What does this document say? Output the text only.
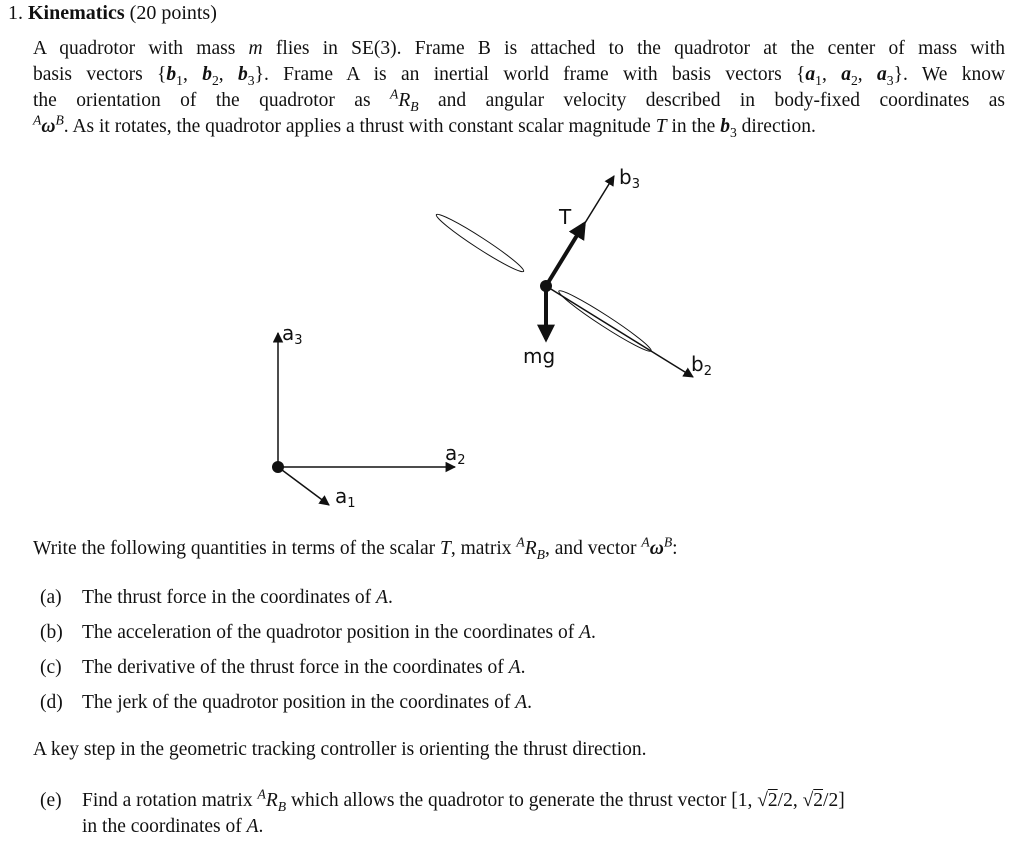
1. Kinematics (20 points)
A quadrotor with mass m flies in SE(3). Frame B is attached to the quadrotor at the center of mass with
basis vectors {$b_1$, $b_2$, $b_3$}. Frame A is an inertial world frame with basis vectors {$a_1$, $a_2$, $a_3$}. We know
the orientation of the quadrotor as $^AR_B$ and angular velocity described in body-fixed coordinates as
$^A\omega^B$. As it rotates, the quadrotor applies a thrust with constant scalar magnitude T in the $b_3$ direction.
$b_3$
T
mg	$b_2$
$a_3$
$a_2$
$a_1$
Write the following quantities in terms of the scalar T, matrix $^AR_B$, and vector $^A\omega^B$:
(a)	The thrust force in the coordinates of A.
(b) The acceleration of the quadrotor position in the coordinates of A.
(c)	The derivative of the thrust force in the coordinates of A.
(d) The jerk of the quadrotor position in the coordinates of A.
A key step in the geometric tracking controller is orienting the thrust direction.
(e)	Find a rotation matrix $^AR_B$ which allows the quadrotor to generate the thrust vector [1, √2/2, √2/2]
in the coordinates of A.
